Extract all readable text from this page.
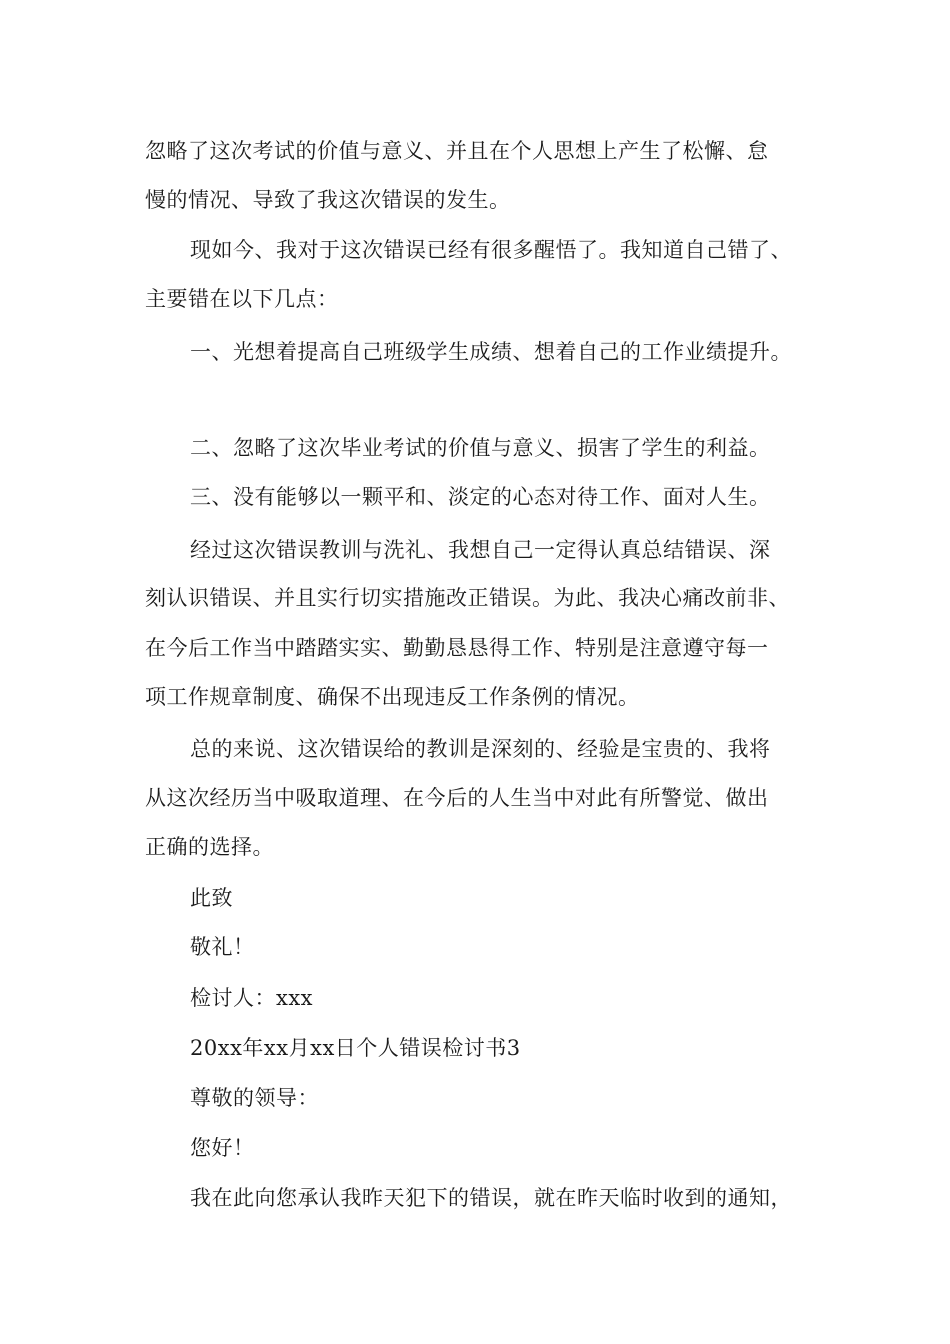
忽略了这次考试的价值与意义、并且在个人思想上产生了松懈、怠

慢的情况、导致了我这次错误的发生。

现如今、我对于这次错误已经有很多醒悟了。我知道自己错了、

主要错在以下几点：

一、光想着提高自己班级学生成绩、想着自己的工作业绩提升。

二、忽略了这次毕业考试的价值与意义、损害了学生的利益。

三、没有能够以一颗平和、淡定的心态对待工作、面对人生。

经过这次错误教训与洗礼、我想自己一定得认真总结错误、深

刻认识错误、并且实行切实措施改正错误。为此、我决心痛改前非、

在今后工作当中踏踏实实、勤勤恳恳得工作、特别是注意遵守每一

项工作规章制度、确保不出现违反工作条例的情况。

总的来说、这次错误给的教训是深刻的、经验是宝贵的、我将

从这次经历当中吸取道理、在今后的人生当中对此有所警觉、做出

正确的选择。

此致

敬礼！

检讨人：xxx

20xx年xx月xx日个人错误检讨书3

尊敬的领导：

您好！

我在此向您承认我昨天犯下的错误，就在昨天临时收到的通知，
